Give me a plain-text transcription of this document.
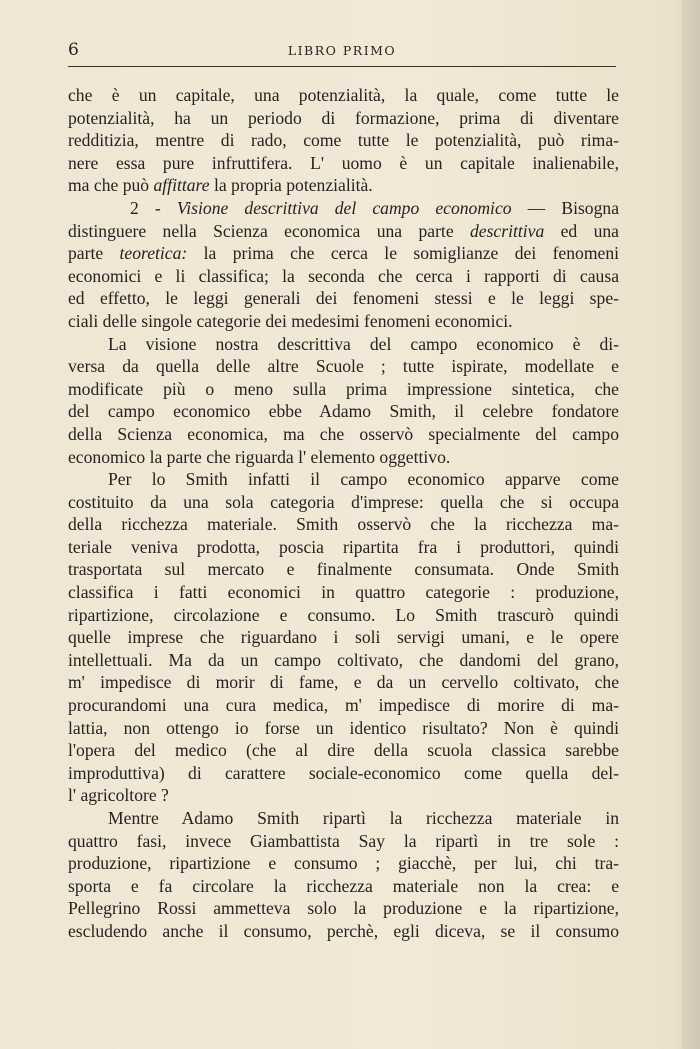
6	LIBRO PRIMO
che è un capitale, una potenzialità, la quale, come tutte le
potenzialità, ha un periodo di formazione, prima di diventare
redditizia, mentre di rado, come tutte le potenzialità, può rima-
nere essa pure infruttifera. L' uomo è un capitale inalienabile,
ma che può affittare la propria potenzialità.
2 - Visione descrittiva del campo economico — Bisogna
distinguere nella Scienza economica una parte descrittiva ed una
parte teoretica: la prima che cerca le somiglianze dei fenomeni
economici e li classifica; la seconda che cerca i rapporti di causa
ed effetto, le leggi generali dei fenomeni stessi e le leggi spe-
ciali delle singole categorie dei medesimi fenomeni economici.
La visione nostra descrittiva del campo economico è di-
versa da quella delle altre Scuole ; tutte ispirate, modellate e
modificate più o meno sulla prima impressione sintetica, che
del campo economico ebbe Adamo Smith, il celebre fondatore
della Scienza economica, ma che osservò specialmente del campo
economico la parte che riguarda l' elemento oggettivo.
Per lo Smith infatti il campo economico apparve come
costituito da una sola categoria d'imprese: quella che si occupa
della ricchezza materiale. Smith osservò che la ricchezza ma-
teriale veniva prodotta, poscia ripartita fra i produttori, quindi
trasportata sul mercato e finalmente consumata. Onde Smith
classifica i fatti economici in quattro categorie : produzione,
ripartizione, circolazione e consumo. Lo Smith trascurò quindi
quelle imprese che riguardano i soli servigi umani, e le opere
intellettuali. Ma da un campo coltivato, che dandomi del grano,
m' impedisce di morir di fame, e da un cervello coltivato, che
procurandomi una cura medica, m' impedisce di morire di ma-
lattia, non ottengo io forse un identico risultato? Non è quindi
l'opera del medico (che al dire della scuola classica sarebbe
improduttiva) di carattere sociale-economico come quella del-
l' agricoltore ?
Mentre Adamo Smith ripartì la ricchezza materiale in
quattro fasi, invece Giambattista Say la ripartì in tre sole :
produzione, ripartizione e consumo ; giacchè, per lui, chi tra-
sporta e fa circolare la ricchezza materiale non la crea: e
Pellegrino Rossi ammetteva solo la produzione e la ripartizione,
escludendo anche il consumo, perchè, egli diceva, se il consumo
